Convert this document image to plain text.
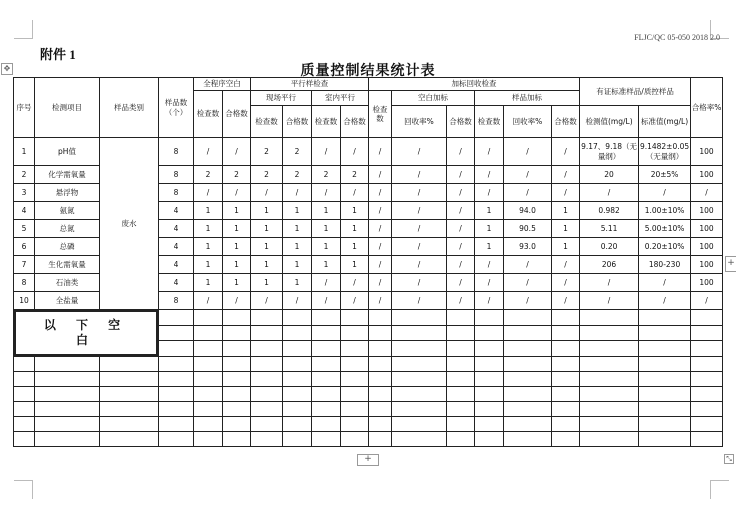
FLJC/QC 05-050 2018 2.0
附件 1
质量控制结果统计表
✥
+
+
⤡
序号	检测项目	样品类别	样品数（个）	全程序空白		平行样检查				加标回收检查						有证标准样品/质控样品		合格率%
				检查数	合格数	现场平行		室内平行		检查数	空白加标		样品加标					
						检查数	合格数	检查数	合格数		回收率%	合格数	检查数	回收率%	合格数	检测值(mg/L)	标准值(mg/L)	
1	pH值	废水	8	/	/	2	2	/	/	/	/	/	/	/	/	9.17、9.18（无量纲）	9.1482±0.05（无量纲）	100
2	化学需氧量		8	2	2	2	2	2	2	/	/	/	/	/	/	20	20±5%	100
3	悬浮物		8	/	/	/	/	/	/	/	/	/	/	/	/	/	/	/
4	氨氮		4	1	1	1	1	1	1	/	/	/	1	94.0	1	0.982	1.00±10%	100
5	总氮		4	1	1	1	1	1	1	/	/	/	1	90.5	1	5.11	5.00±10%	100
6	总磷		4	1	1	1	1	1	1	/	/	/	1	93.0	1	0.20	0.20±10%	100
7	生化需氧量		4	1	1	1	1	1	1	/	/	/	/	/	/	206	180-230	100
8	石油类		4	1	1	1	1	/	/	/	/	/	/	/	/	/	/	100
10	全盐量		8	/	/	/	/	/	/	/	/	/	/	/	/	/	/	/
以 下 空 白																		
